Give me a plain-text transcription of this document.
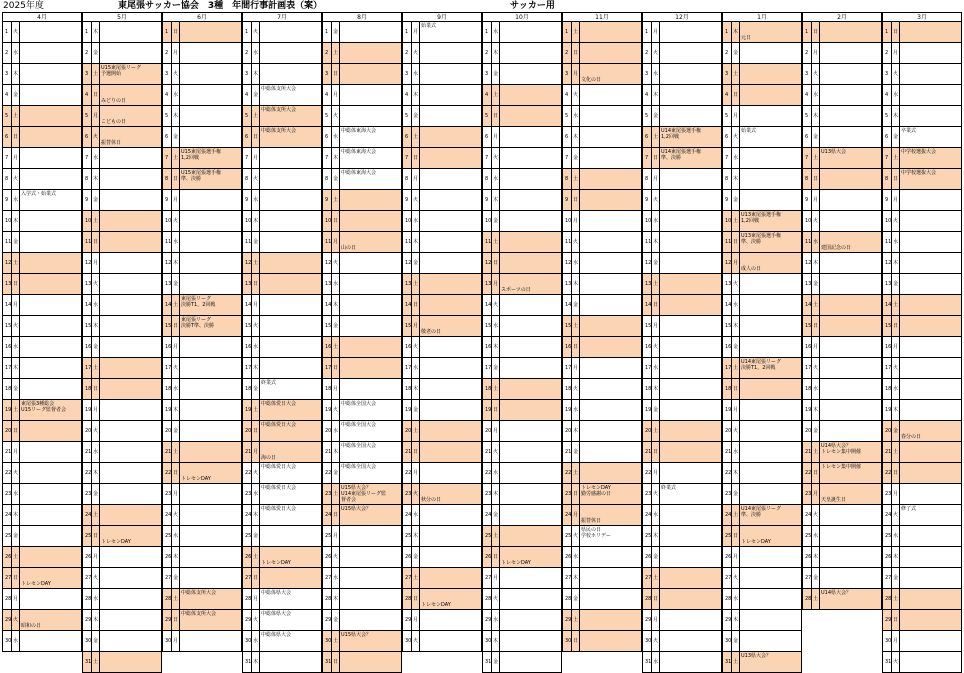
2025年度	東尾張サッカー協会　3種　年間行事計画表（案）	サッカー用
4月
1 火
2 水
3 木
4 金
5 土
6 日
7 月
8 火
9 水
入学式・始業式
10 木
11 金
12 土
13 日
14 月
15 火
16 水
17 木
18 金
19 土
東尾張3種総会
U15リーグ監督者会
20 日
21 月
22 火
23 水
24 木
25 金
26 土
27 日
トレセンDAY
28 月
29 火
昭和の日
30 水
5月
1 木
2 金
3 土
U15東尾張リーグ
予選開始
4 日
みどりの日
5 月
こどもの日
6 火
振替休日
7 水
8 木
9 金
10 土
11 日
12 月
13 火
14 水
15 木
16 金
17 土
18 日
19 月
20 火
21 水
22 木
23 金
24 土
25 日
トレセンDAY
26 月
27 火
28 水
29 木
30 金
31 土
6月
1 日
2 月
3 火
4 水
5 木
6 金
7 土
U15東尾張選手権
1,2回戦
8 日
U15東尾張選手権
準、決勝
9 月
10 火
11 水
12 木
13 金
14 土
東尾張リーグ
決勝T1，2回戦
15 日
東尾張リーグ
決勝T準、決勝
16 月
17 火
18 水
19 木
20 金
21 土
22 日
トレセンDAY
23 月
24 火
25 水
26 木
27 金
28 土
中総体支所大会
29 日
中総体支所大会
30 月
7月
1 火
2 水
3 木
4 金
中総体支所大会
5 土
中総体支所大会
6 日
中総体支所大会
7 月
8 火
9 水
10 木
11 金
12 土
13 日
14 月
15 火
16 水
17 木
18 金
終業式
19 土
中総体愛日大会
20 日
中総体愛日大会
21 月
海の日
22 火
中総体愛日大会
23 水
中総体愛日大会
24 木
中総体愛日大会
25 金
26 土
トレセンDAY
27 日
28 月
中総体県大会
29 火
中総体県大会
30 水
中総体県大会
31 木
8月
1 金
2 土
3 日
4 月
5 火
6 水
中総体東海大会
7 木
中総体東海大会
8 金
中総体東海大会
9 土
10 日
11 月
山の日
12 火
13 水
14 木
15 金
16 土
17 日
18 月
19 火
中総体全国大会
20 水
中総体全国大会
21 木
中総体全国大会
22 金
中総体全国大会
23 土
U15県大会？
U14東尾張リーグ監
督者会
24 日
U15県大会？
25 月
26 火
27 水
28 木
29 金
30 土
U15県大会？
31 日
9月
1 月
始業式
2 火
3 水
4 木
5 金
6 土
7 日
8 月
9 火
10 水
11 木
12 金
13 土
14 日
15 月
敬老の日
16 火
17 水
18 木
19 金
20 土
21 日
22 月
23 火
秋分の日
24 水
25 木
26 金
27 土
28 日
トレセンDAY
29 月
30 火
10月
1 水
2 木
3 金
4 土
5 日
6 月
7 火
8 水
9 木
10 金
11 土
12 日
13 月
スポーツの日
14 火
15 水
16 木
17 金
18 土
19 日
20 月
21 火
22 水
23 木
24 金
25 土
26 日
トレセンDAY
27 月
28 火
29 水
30 木
31 金
11月
1 土
2 日
3 月
文化の日
4 火
5 水
6 木
7 金
8 土
9 日
10 月
11 火
12 水
13 木
14 金
15 土
16 日
17 月
18 火
19 水
20 木
21 金
22 土
23 日
トレセンDAY
勤労感謝の日
24 月
振替休日
25 火
県民の日
学校ホリデー
26 水
27 木
28 金
29 土
30 日
12月
1 月
2 火
3 水
4 木
5 金
6 土
U14東尾張選手権
1,2回戦
7 日
U14東尾張選手権
準、決勝
8 月
9 火
10 水
11 木
12 金
13 土
14 日
15 月
16 火
17 水
18 木
19 金
20 土
21 日
22 月
23 火
終業式
24 水
25 木
26 金
27 土
28 日
29 月
30 火
31 水
1月
1 木
元日
2 金
3 土
4 日
5 月
6 火
始業式
7 水
8 木
9 金
10 土
U13東尾張選手権
1,2回戦
11 日
U13東尾張選手権
準、決勝
12 月
成人の日
13 火
14 水
15 木
16 金
17 土
U14東尾張リーグ
決勝T1，2回戦
18 日
19 月
20 火
21 水
22 木
23 金
24 土
U14東尾張リーグ
準、決勝
25 日
トレセンDAY
26 月
27 火
28 水
29 木
30 金
31 土
U13県大会？
2月
1 日
2 月
3 火
4 水
5 木
6 金
7 土
U13県大会
8 日
9 月
10 火
11 水
建国記念の日
12 木
13 金
14 土
15 日
16 月
17 火
18 水
19 木
20 金
21 土
U14県大会？
トレセン集中開催
22 日
トレセン集中開催
23 月
天皇誕生日
24 火
25 水
26 木
27 金
28 土
U14県大会？
3月
1 日
2 月
3 火
4 水
5 木
6 金
卒業式
7 土
中学校選抜大会
8 日
中学校選抜大会
9 月
10 火
11 水
12 木
13 金
14 土
15 日
16 月
17 火
18 水
19 木
20 金
春分の日
21 土
22 日
23 月
24 火
修了式
25 水
26 木
27 金
28 土
29 日
30 月
31 火
